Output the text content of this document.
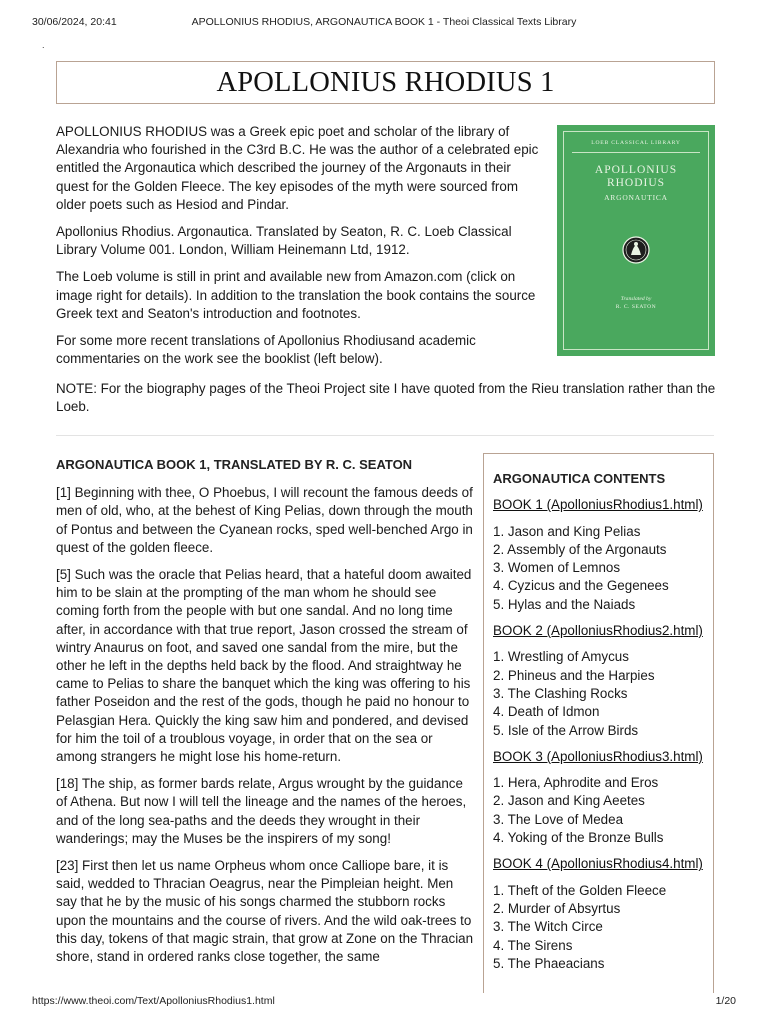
30/06/2024, 20:41	APOLLONIUS RHODIUS, ARGONAUTICA BOOK 1 - Theoi Classical Texts Library
.
APOLLONIUS RHODIUS 1

APOLLONIUS RHODIUS was a Greek epic poet and scholar of the library of Alexandria who fourished in the C3rd B.C. He was the author of a celebrated epic entitled the Argonautica which described the journey of the Argonauts in their quest for the Golden Fleece. The key episodes of the myth were sourced from older poets such as Hesiod and Pindar.

Apollonius Rhodius. Argonautica. Translated by Seaton, R. C. Loeb Classical Library Volume 001. London, William Heinemann Ltd, 1912.

The Loeb volume is still in print and available new from Amazon.com (click on image right for details). In addition to the translation the book contains the source Greek text and Seaton's introduction and footnotes.

For some more recent translations of Apollonius Rhodiusand academic commentaries on the work see the booklist (left below).

NOTE: For the biography pages of the Theoi Project site I have quoted from the Rieu translation rather than the Loeb.

LOEB CLASSICAL LIBRARY
APOLLONIUS
RHODIUS
ARGONAUTICA
Translated by
R. C. SEATON
ARGONAUTICA BOOK 1, TRANSLATED BY R. C. SEATON

[1] Beginning with thee, O Phoebus, I will recount the famous deeds of men of old, who, at the behest of King Pelias, down through the mouth of Pontus and between the Cyanean rocks, sped well-benched Argo in quest of the golden fleece.

[5] Such was the oracle that Pelias heard, that a hateful doom awaited him to be slain at the prompting of the man whom he should see coming forth from the people with but one sandal. And no long time after, in accordance with that true report, Jason crossed the stream of wintry Anaurus on foot, and saved one sandal from the mire, but the other he left in the depths held back by the flood. And straightway he came to Pelias to share the banquet which the king was offering to his father Poseidon and the rest of the gods, though he paid no honour to Pelasgian Hera. Quickly the king saw him and pondered, and devised for him the toil of a troublous voyage, in order that on the sea or among strangers he might lose his home-return.

[18] The ship, as former bards relate, Argus wrought by the guidance of Athena. But now I will tell the lineage and the names of the heroes, and of the long sea-paths and the deeds they wrought in their wanderings; may the Muses be the inspirers of my song!

[23] First then let us name Orpheus whom once Calliope bare, it is said, wedded to Thracian Oeagrus, near the Pimpleian height. Men say that he by the music of his songs charmed the stubborn rocks upon the mountains and the course of rivers. And the wild oak-trees to this day, tokens of that magic strain, that grow at Zone on the Thracian shore, stand in ordered ranks close together, the same

ARGONAUTICA CONTENTS
BOOK 1 (ApolloniusRhodius1.html)
1. Jason and King Pelias
2. Assembly of the Argonauts
3. Women of Lemnos
4. Cyzicus and the Gegenees
5. Hylas and the Naiads
BOOK 2 (ApolloniusRhodius2.html)
1. Wrestling of Amycus
2. Phineus and the Harpies
3. The Clashing Rocks
4. Death of Idmon
5. Isle of the Arrow Birds
BOOK 3 (ApolloniusRhodius3.html)
1. Hera, Aphrodite and Eros
2. Jason and King Aeetes
3. The Love of Medea
4. Yoking of the Bronze Bulls
BOOK 4 (ApolloniusRhodius4.html)
1. Theft of the Golden Fleece
2. Murder of Absyrtus
3. The Witch Circe
4. The Sirens
5. The Phaeacians
https://www.theoi.com/Text/ApolloniusRhodius1.html	1/20
